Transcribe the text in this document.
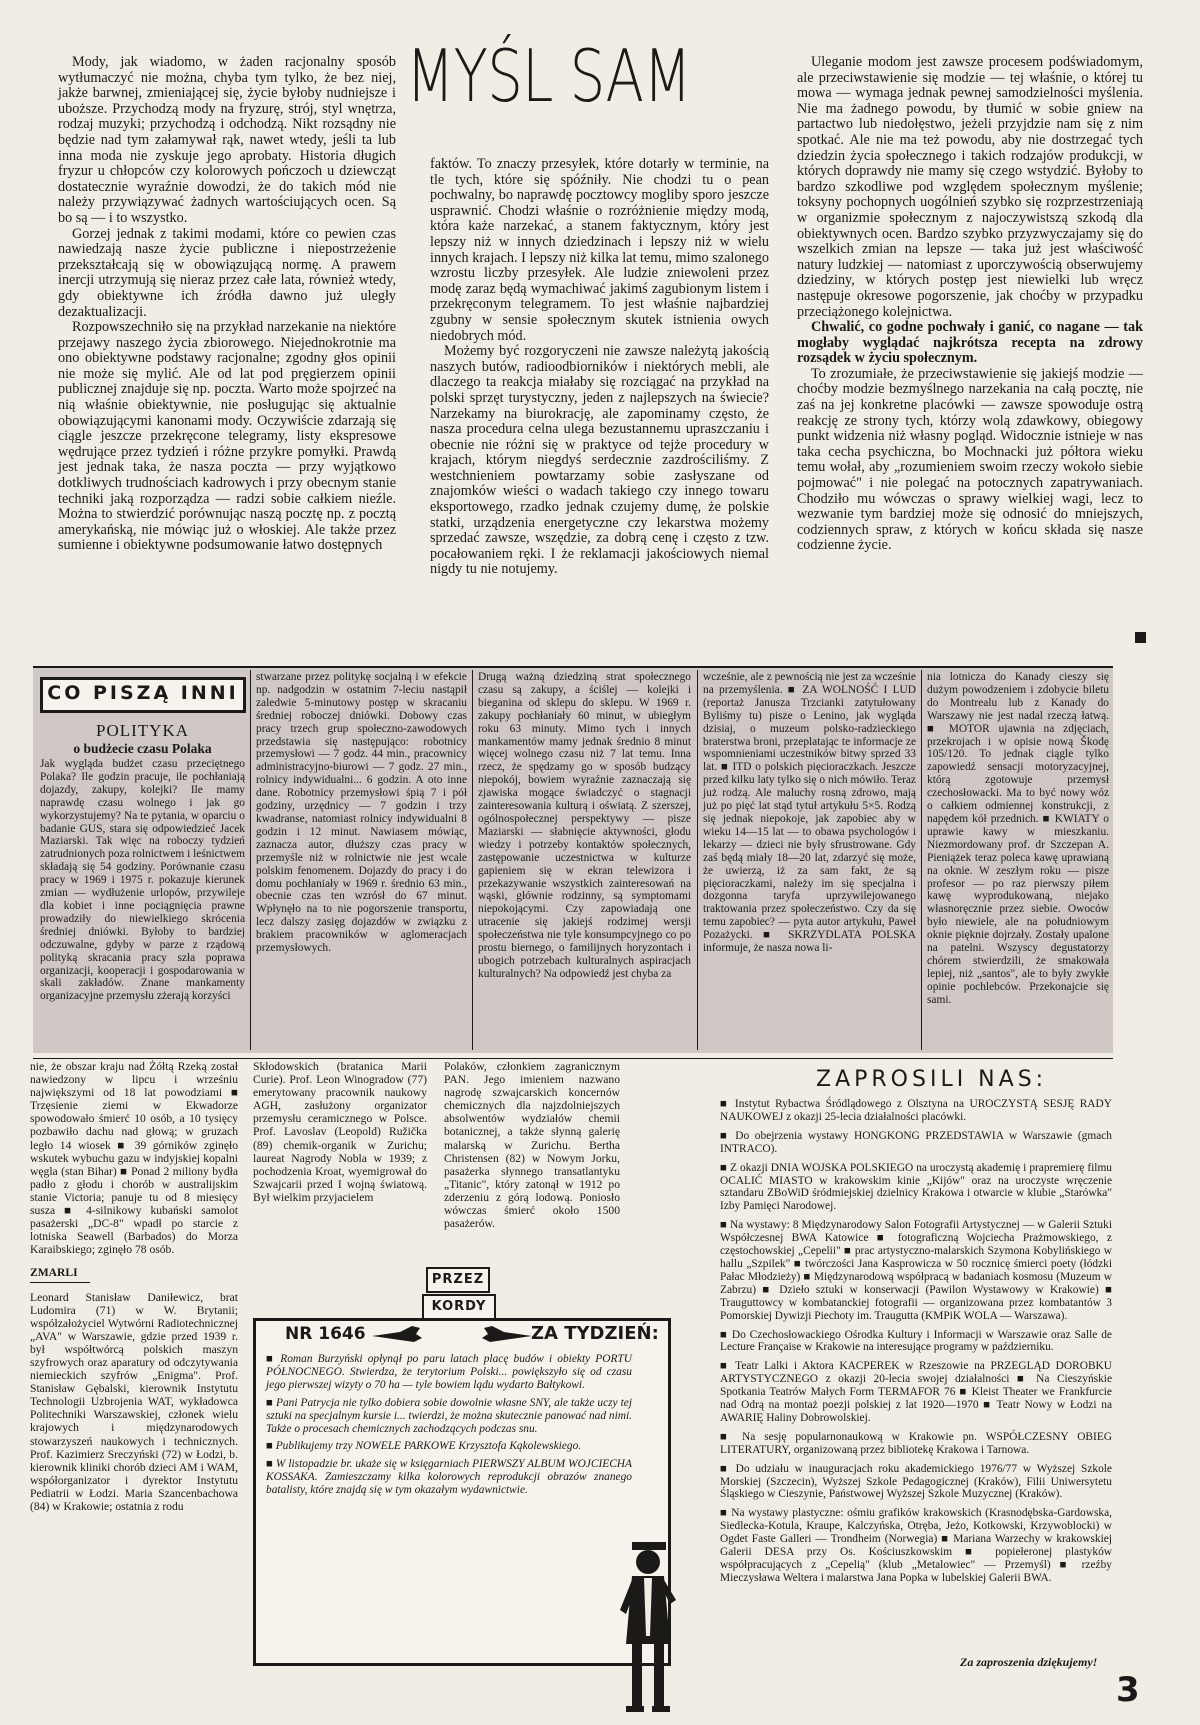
MYŚL SAM

Mody, jak wiadomo, w żaden racjonalny sposób wytłumaczyć nie można, chyba tym tylko, że bez niej, jakże barwnej, zmieniającej się, życie byłoby nudniejsze i uboższe. Przychodzą mody na fryzurę, strój, styl wnętrza, rodzaj muzyki; przychodzą i odchodzą. Nikt rozsądny nie będzie nad tym załamywał rąk, nawet wtedy, jeśli ta lub inna moda nie zyskuje jego aprobaty. Historia długich fryzur u chłopców czy kolorowych pończoch u dziewcząt dostatecznie wyraźnie dowodzi, że do takich mód nie należy przywiązywać żadnych wartościujących ocen. Są bo są — i to wszystko.

Gorzej jednak z takimi modami, które co pewien czas nawiedzają nasze życie publiczne i niepostrzeżenie przekształcają się w obowiązującą normę. A prawem inercji utrzymują się nieraz przez całe lata, również wtedy, gdy obiektywne ich źródła dawno już uległy dezaktualizacji.

Rozpowszechniło się na przykład narzekanie na niektóre przejawy naszego życia zbiorowego. Niejednokrotnie ma ono obiektywne podstawy racjonalne; zgodny głos opinii nie może się mylić. Ale od lat pod pręgierzem opinii publicznej znajduje się np. poczta. Warto może spojrzeć na nią właśnie obiektywnie, nie posługując się aktualnie obowiązującymi kanonami mody. Oczywiście zdarzają się ciągle jeszcze przekręcone telegramy, listy ekspresowe wędrujące przez tydzień i różne przykre pomyłki. Prawdą jest jednak taka, że nasza poczta — przy wyjątkowo dotkliwych trudnościach kadrowych i przy obecnym stanie techniki jaką rozporządza — radzi sobie całkiem nieźle. Można to stwierdzić porównując naszą pocztę np. z pocztą amerykańską, nie mówiąc już o włoskiej. Ale także przez sumienne i obiektywne podsumowanie łatwo dostępnych

faktów. To znaczy przesyłek, które dotarły w terminie, na tle tych, które się spóźniły. Nie chodzi tu o pean pochwalny, bo naprawdę pocztowcy mogliby sporo jeszcze usprawnić. Chodzi właśnie o rozróżnienie między modą, która każe narzekać, a stanem faktycznym, który jest lepszy niż w innych dziedzinach i lepszy niż w wielu innych krajach. I lepszy niż kilka lat temu, mimo szalonego wzrostu liczby przesyłek. Ale ludzie zniewoleni przez modę zaraz będą wymachiwać jakimś zagubionym listem i przekręconym telegramem. To jest właśnie najbardziej zgubny w sensie społecznym skutek istnienia owych niedobrych mód.

Możemy być rozgoryczeni nie zawsze należytą jakością naszych butów, radioodbiorników i niektórych mebli, ale dlaczego ta reakcja miałaby się rozciągać na przykład na polski sprzęt turystyczny, jeden z najlepszych na świecie? Narzekamy na biurokrację, ale zapominamy często, że nasza procedura celna ulega bezustannemu upraszczaniu i obecnie nie różni się w praktyce od tejże procedury w krajach, którym niegdyś serdecznie zazdrościliśmy. Z westchnieniem powtarzamy sobie zasłyszane od znajomków wieści o wadach takiego czy innego towaru eksportowego, rzadko jednak czujemy dumę, że polskie statki, urządzenia energetyczne czy lekarstwa możemy sprzedać zawsze, wszędzie, za dobrą cenę i często z tzw. pocałowaniem ręki. I że reklamacji jakościowych niemal nigdy tu nie notujemy.

Uleganie modom jest zawsze procesem podświadomym, ale przeciwstawienie się modzie — tej właśnie, o której tu mowa — wymaga jednak pewnej samodzielności myślenia. Nie ma żadnego powodu, by tłumić w sobie gniew na partactwo lub niedołęstwo, jeżeli przyjdzie nam się z nim spotkać. Ale nie ma też powodu, aby nie dostrzegać tych dziedzin życia społecznego i takich rodzajów produkcji, w których doprawdy nie mamy się czego wstydzić. Byłoby to bardzo szkodliwe pod względem społecznym myślenie; toksyny pochopnych uogólnień szybko się rozprzestrzeniają w organizmie społecznym z najoczywistszą szkodą dla obiektywnych ocen. Bardzo szybko przyzwyczajamy się do wszelkich zmian na lepsze — taka już jest właściwość natury ludzkiej — natomiast z uporczywością obserwujemy dziedziny, w których postęp jest niewielki lub wręcz następuje okresowe pogorszenie, jak choćby w przypadku przeciążonego kolejnictwa.

Chwalić, co godne pochwały i ganić, co nagane — tak mogłaby wyglądać najkrótsza recepta na zdrowy rozsądek w życiu społecznym.

To zrozumiałe, że przeciwstawienie się jakiejś modzie — choćby modzie bezmyślnego narzekania na całą pocztę, nie zaś na jej konkretne placówki — zawsze spowoduje ostrą reakcję ze strony tych, którzy wolą zdawkowy, obiegowy punkt widzenia niż własny pogląd. Widocznie istnieje w nas taka cecha psychiczna, bo Mochnacki już półtora wieku temu wołał, aby „rozumieniem swoim rzeczy wokoło siebie pojmować" i nie polegać na potocznych zapatrywaniach. Chodziło mu wówczas o sprawy wielkiej wagi, lecz to wezwanie tym bardziej może się odnosić do mniejszych, codziennych spraw, z których w końcu składa się nasze codzienne życie.

CO PISZĄ INNI
POLITYKA
o budżecie czasu Polaka

Jak wygląda budżet czasu przeciętnego Polaka? Ile godzin pracuje, ile pochłaniają dojazdy, zakupy, kolejki? Ile mamy naprawdę czasu wolnego i jak go wykorzystujemy? Na te pytania, w oparciu o badanie GUS, stara się odpowiedzieć Jacek Maziarski. Tak więc na roboczy tydzień zatrudnionych poza rolnictwem i leśnictwem składają się 54 godziny. Porównanie czasu pracy w 1969 i 1975 r. pokazuje kierunek zmian — wydłużenie urlopów, przywileje dla kobiet i inne pociągnięcia prawne prowadziły do niewielkiego skrócenia średniej dniówki. Byłoby to bardziej odczuwalne, gdyby w parze z rządową polityką skracania pracy szła poprawa organizacji, kooperacji i gospodarowania w skali zakładów. Znane mankamenty organizacyjne przemysłu zżerają korzyści

stwarzane przez politykę socjalną i w efekcie np. nadgodzin w ostatnim 7-leciu nastąpił zaledwie 5-minutowy postęp w skracaniu średniej roboczej dniówki. Dobowy czas pracy trzech grup społeczno-zawodowych przedstawia się następująco: robotnicy przemysłowi — 7 godz. 44 min., pracownicy administracyjno-biurowi — 7 godz. 27 min., rolnicy indywidualni... 6 godzin. A oto inne dane. Robotnicy przemysłowi śpią 7 i pół godziny, urzędnicy — 7 godzin i trzy kwadranse, natomiast rolnicy indywidualni 8 godzin i 12 minut. Nawiasem mówiąc, zaznacza autor, dłuższy czas pracy w przemyśle niż w rolnictwie nie jest wcale polskim fenomenem. Dojazdy do pracy i do domu pochłaniały w 1969 r. średnio 63 min., obecnie czas ten wzrósł do 67 minut. Wpłynęło na to nie pogorszenie transportu, lecz dalszy zasięg dojazdów w związku z brakiem pracowników w aglomeracjach przemysłowych.

Drugą ważną dziedziną strat społecznego czasu są zakupy, a ściślej — kolejki i bieganina od sklepu do sklepu. W 1969 r. zakupy pochłaniały 60 minut, w ubiegłym roku 63 minuty. Mimo tych i innych mankamentów mamy jednak średnio 8 minut więcej wolnego czasu niż 7 lat temu. Inna rzecz, że spędzamy go w sposób budzący niepokój, bowiem wyraźnie zaznaczają się zjawiska mogące świadczyć o stagnacji zainteresowania kulturą i oświatą. Z szerszej, ogólnospołecznej perspektywy — pisze Maziarski — słabnięcie aktywności, głodu wiedzy i potrzeby kontaktów społecznych, zastępowanie uczestnictwa w kulturze gapieniem się w ekran telewizora i przekazywanie wszystkich zainteresowań na wąski, głównie rodzinny, są symptomami niepokojącymi. Czy zapowiadają one utracenie się jakiejś rodzimej wersji społeczeństwa nie tyle konsumpcyjnego co po prostu biernego, o familijnych horyzontach i ubogich potrzebach kulturalnych aspiracjach kulturalnych? Na odpowiedź jest chyba za

wcześnie, ale z pewnością nie jest za wcześnie na przemyślenia. ■ ZA WOLNOŚĆ I LUD (reportaż Janusza Trzcianki zatytułowany Byliśmy tu) pisze o Lenino, jak wygląda dzisiaj, o muzeum polsko-radzieckiego braterstwa broni, przeplatając te informacje ze wspomnieniami uczestników bitwy sprzed 33 lat. ■ ITD o polskich pięcioraczkach. Jeszcze przed kilku laty tylko się o nich mówiło. Teraz już rodzą. Ale maluchy rosną zdrowo, mają już po pięć lat stąd tytuł artykułu 5×5. Rodzą się jednak niepokoje, jak zapobiec aby w wieku 14—15 lat — to obawa psychologów i lekarzy — dzieci nie były sfrustrowane. Gdy zaś będą miały 18—20 lat, zdarzyć się może, że uwierzą, iż za sam fakt, że są pięcioraczkami, należy im się specjalna i dozgonna taryfa uprzywilejowanego traktowania przez społeczeństwo. Czy da się temu zapobiec? — pyta autor artykułu, Paweł Pozażycki. ■ SKRZYDLATA POLSKA informuje, że nasza nowa li-

nia lotnicza do Kanady cieszy się dużym powodzeniem i zdobycie biletu do Montrealu lub z Kanady do Warszawy nie jest nadal rzeczą łatwą. ■ MOTOR ujawnia na zdjęciach, przekrojach i w opisie nową Škodę 105/120. To jednak ciągle tylko zapowiedź sensacji motoryzacyjnej, którą zgotowuje przemysł czechosłowacki. Ma to być nowy wóz o całkiem odmiennej konstrukcji, z napędem kół przednich. ■ KWIATY o uprawie kawy w mieszkaniu. Niezmordowany prof. dr Szczepan A. Pieniążek teraz poleca kawę uprawianą na oknie. W zeszłym roku — pisze profesor — po raz pierwszy piłem kawę wyprodukowaną, niejako własnoręcznie przez siebie. Owoców było niewiele, ale na południowym oknie pięknie dojrzały. Zostały upalone na patelni. Wszyscy degustatorzy chórem stwierdzili, że smakowała lepiej, niż „santos", ale to były zwykłe opinie pochlebców. Przekonajcie się sami.

nie, że obszar kraju nad Żółtą Rzeką został nawiedzony w lipcu i wrześniu największymi od 18 lat powodziami ■ Trzęsienie ziemi w Ekwadorze spowodowało śmierć 10 osób, a 10 tysięcy pozbawiło dachu nad głową; w gruzach legło 14 wiosek ■ 39 górników zginęło wskutek wybuchu gazu w indyjskiej kopalni węgla (stan Bihar) ■ Ponad 2 miliony bydła padło z głodu i chorób w australijskim stanie Victoria; panuje tu od 8 miesięcy susza ■ 4-silnikowy kubański samolot pasażerski „DC-8" wpadł po starcie z lotniska Seawell (Barbados) do Morza Karaibskiego; zginęło 78 osób.

ZMARLI

Leonard Stanisław Daniłewicz, brat Ludomira (71) w W. Brytanii; współzałożyciel Wytwórni Radiotechnicznej „AVA" w Warszawie, gdzie przed 1939 r. był współtwórcą polskich maszyn szyfrowych oraz aparatury od odczytywania niemieckich szyfrów „Enigma". Prof. Stanisław Gębalski, kierownik Instytutu Technologii Uzbrojenia WAT, wykładowca Politechniki Warszawskiej, członek wielu krajowych i międzynarodowych stowarzyszeń naukowych i technicznych. Prof. Kazimierz Sreczyński (72) w Łodzi, b. kierownik kliniki chorób dzieci AM i WAM, współorganizator i dyrektor Instytutu Pediatrii w Łodzi. Maria Szancenbachowa (84) w Krakowie; ostatnia z rodu

Skłodowskich (bratanica Marii Curie). Prof. Leon Winogradow (77) emerytowany pracownik naukowy AGH, zasłużony organizator przemysłu ceramicznego w Polsce. Prof. Lavoslav (Leopold) Ružička (89) chemik-organik w Zurichu; laureat Nagrody Nobla w 1939; z pochodzenia Kroat, wyemigrował do Szwajcarii przed I wojną światową. Był wielkim przyjacielem

Polaków, członkiem zagranicznym PAN. Jego imieniem nazwano nagrodę szwajcarskich koncernów chemicznych dla najzdolniejszych absolwentów wydziałów chemii botanicznej, a także słynną galerię malarską w Zurichu. Bertha Christensen (82) w Nowym Jorku, pasażerka słynnego transatlantyku „Titanic", który zatonął w 1912 po zderzeniu z górą lodową. Poniosło wówczas śmierć około 1500 pasażerów.

PRZEZ
KORDY
NR 1646	ZA TYDZIEŃ:

■ Roman Burzyński opłynął po paru latach placę budów i obiekty PORTU PÓŁNOCNEGO. Stwierdza, że terytorium Polski... powiększyło się od czasu jego pierwszej wizyty o 70 ha — tyle bowiem lądu wydarto Bałtykowi.

■ Pani Patrycja nie tylko dobiera sobie dowolnie własne SNY, ale także uczy tej sztuki na specjalnym kursie i... twierdzi, że można skutecznie panować nad nimi. Także o procesach chemicznych zachodzących podczas snu.

■ Publikujemy trzy NOWELE PARKOWE Krzysztofa Kąkolewskiego.

■ W listopadzie br. ukaże się w księgarniach PIERWSZY ALBUM WOJCIECHA KOSSAKA. Zamieszczamy kilka kolorowych reprodukcji obrazów znanego batalisty, które znajdą się w tym okazałym wydawnictwie.

ZAPROSILI NAS:

■ Instytut Rybactwa Śródlądowego z Olsztyna na UROCZYSTĄ SESJĘ RADY NAUKOWEJ z okazji 25-lecia działalności placówki.

■ Do obejrzenia wystawy HONGKONG PRZEDSTAWIA w Warszawie (gmach INTRACO).

■ Z okazji DNIA WOJSKA POLSKIEGO na uroczystą akademię i prapremierę filmu OCALIĆ MIASTO w krakowskim kinie „Kijów" oraz na uroczyste wręczenie sztandaru ZBoWiD śródmiejskiej dzielnicy Krakowa i otwarcie w klubie „Starówka" Izby Pamięci Narodowej.

■ Na wystawy: 8 Międzynarodowy Salon Fotografii Artystycznej — w Galerii Sztuki Współczesnej BWA Katowice ■ fotograficzną Wojciecha Prażmowskiego, z częstochowskiej „Cepelii" ■ prac artystyczno-malarskich Szymona Kobylińskiego w hallu „Szpilek" ■ twórczości Jana Kasprowicza w 50 rocznicę śmierci poety (łódzki Pałac Młodzieży) ■ Międzynarodową współpracą w badaniach kosmosu (Muzeum w Zabrzu) ■ Dzieło sztuki w konserwacji (Pawilon Wystawowy w Krakowie) ■ Trauguttowcy w kombatanckiej fotografii — organizowana przez kombatantów 3 Pomorskiej Dywizji Piechoty im. Traugutta (KMPiK WOLA — Warszawa).

■ Do Czechosłowackiego Ośrodka Kultury i Informacji w Warszawie oraz Salle de Lecture Française w Krakowie na interesujące programy w październiku.

■ Teatr Lalki i Aktora KACPEREK w Rzeszowie na PRZEGLĄD DOROBKU ARTYSTYCZNEGO z okazji 20-lecia swojej działalności ■ Na Cieszyńskie Spotkania Teatrów Małych Form TERMAFOR 76 ■ Kleist Theater we Frankfurcie nad Odrą na montaż poezji polskiej z lat 1920—1970 ■ Teatr Nowy w Łodzi na AWARIĘ Haliny Dobrowolskiej.

■ Na sesję popularnonaukową w Krakowie pn. WSPÓŁCZESNY OBIEG LITERATURY, organizowaną przez bibliotekę Krakowa i Tarnowa.

■ Do udziału w inauguracjach roku akademickiego 1976/77 w Wyższej Szkole Morskiej (Szczecin), Wyższej Szkole Pedagogicznej (Kraków), Filii Uniwersytetu Śląskiego w Cieszynie, Państwowej Wyższej Szkole Muzycznej (Kraków).

■ Na wystawy plastyczne: ośmiu grafików krakowskich (Krasnodębska-Gardowska, Siedlecka-Kotula, Kraupe, Kalczyńska, Otręba, Jeżo, Kotkowski, Krzywoblocki) w Ogdet Faste Galleri — Trondheim (Norwegia) ■ Mariana Warzechy w krakowskiej Galerii DESA przy Os. Kościuszkowskim ■ popiełeronej plastyków współpracujących z „Cepelią" (klub „Metalowiec" — Przemyśl) ■ rzeźby Mieczysława Weltera i malarstwa Jana Popka w lubelskiej Galerii BWA.

Za zaproszenia dziękujemy!
3
